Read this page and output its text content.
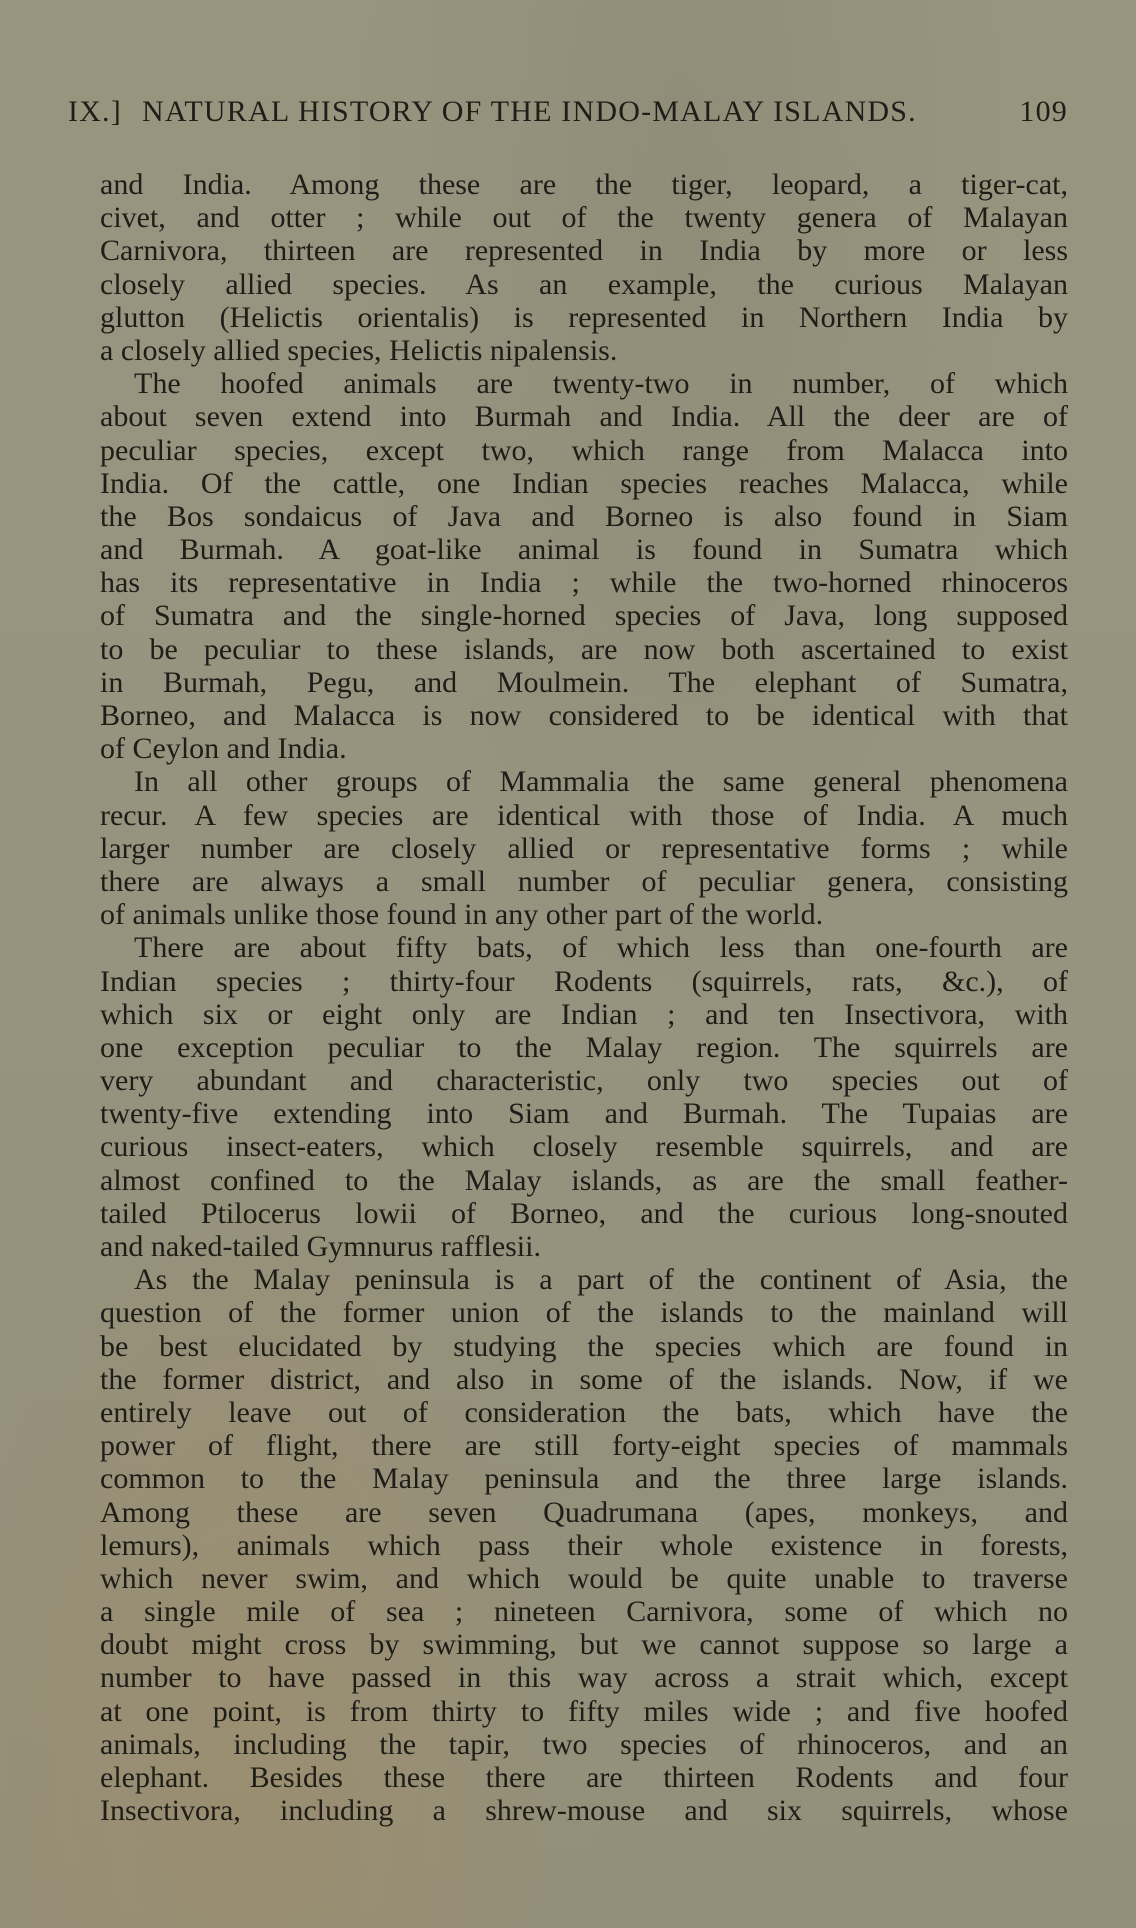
IX.] NATURAL HISTORY OF THE INDO-MALAY ISLANDS.	109
and India. Among these are the tiger, leopard, a tiger-cat,
civet, and otter ; while out of the twenty genera of Malayan
Carnivora, thirteen are represented in India by more or less
closely allied species. As an example, the curious Malayan
glutton (Helictis orientalis) is represented in Northern India by
a closely allied species, Helictis nipalensis.
The hoofed animals are twenty-two in number, of which
about seven extend into Burmah and India. All the deer are of
peculiar species, except two, which range from Malacca into
India. Of the cattle, one Indian species reaches Malacca, while
the Bos sondaicus of Java and Borneo is also found in Siam
and Burmah. A goat-like animal is found in Sumatra which
has its representative in India ; while the two-horned rhinoceros
of Sumatra and the single-horned species of Java, long supposed
to be peculiar to these islands, are now both ascertained to exist
in Burmah, Pegu, and Moulmein. The elephant of Sumatra,
Borneo, and Malacca is now considered to be identical with that
of Ceylon and India.
In all other groups of Mammalia the same general phenomena
recur. A few species are identical with those of India. A much
larger number are closely allied or representative forms ; while
there are always a small number of peculiar genera, consisting
of animals unlike those found in any other part of the world.
There are about fifty bats, of which less than one-fourth are
Indian species ; thirty-four Rodents (squirrels, rats, &c.), of
which six or eight only are Indian ; and ten Insectivora, with
one exception peculiar to the Malay region. The squirrels are
very abundant and characteristic, only two species out of
twenty-five extending into Siam and Burmah. The Tupaias are
curious insect-eaters, which closely resemble squirrels, and are
almost confined to the Malay islands, as are the small feather-
tailed Ptilocerus lowii of Borneo, and the curious long-snouted
and naked-tailed Gymnurus rafflesii.
As the Malay peninsula is a part of the continent of Asia, the
question of the former union of the islands to the mainland will
be best elucidated by studying the species which are found in
the former district, and also in some of the islands. Now, if we
entirely leave out of consideration the bats, which have the
power of flight, there are still forty-eight species of mammals
common to the Malay peninsula and the three large islands.
Among these are seven Quadrumana (apes, monkeys, and
lemurs), animals which pass their whole existence in forests,
which never swim, and which would be quite unable to traverse
a single mile of sea ; nineteen Carnivora, some of which no
doubt might cross by swimming, but we cannot suppose so large a
number to have passed in this way across a strait which, except
at one point, is from thirty to fifty miles wide ; and five hoofed
animals, including the tapir, two species of rhinoceros, and an
elephant. Besides these there are thirteen Rodents and four
Insectivora, including a shrew-mouse and six squirrels, whose
